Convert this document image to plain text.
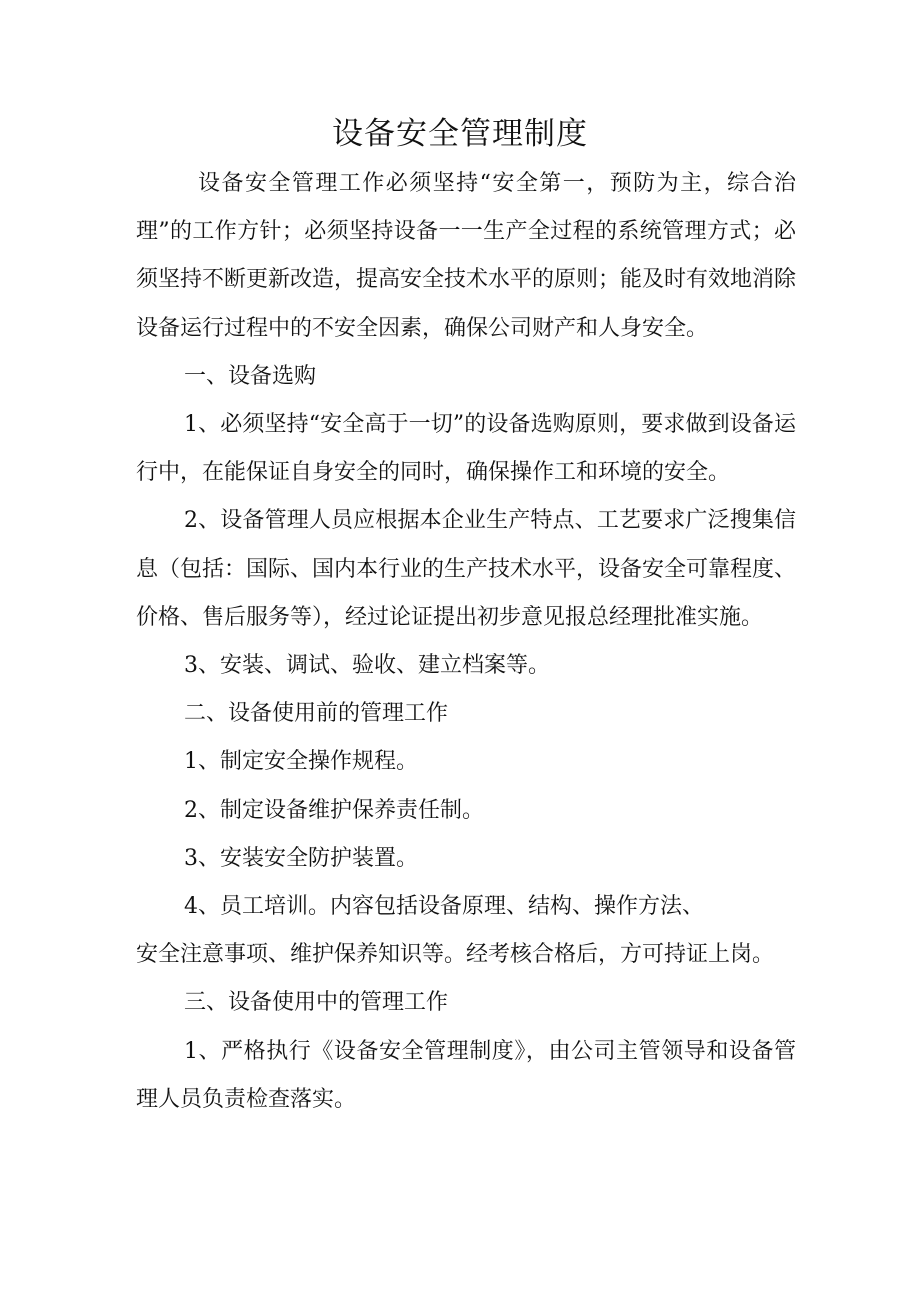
设备安全管理制度

设备安全管理工作必须坚持“安全第一，预防为主，综合治理”的工作方针；必须坚持设备一一生产全过程的系统管理方式；必须坚持不断更新改造，提高安全技术水平的原则；能及时有效地消除设备运行过程中的不安全因素，确保公司财产和人身安全。

一、设备选购

1、必须坚持“安全高于一切”的设备选购原则，要求做到设备运行中，在能保证自身安全的同时，确保操作工和环境的安全。

2、设备管理人员应根据本企业生产特点、工艺要求广泛搜集信息（包括：国际、国内本行业的生产技术水平，设备安全可靠程度、价格、售后服务等），经过论证提出初步意见报总经理批准实施。

3、安装、调试、验收、建立档案等。

二、设备使用前的管理工作

1、制定安全操作规程。

2、制定设备维护保养责任制。

3、安装安全防护装置。

4、员工培训。内容包括设备原理、结构、操作方法、

安全注意事项、维护保养知识等。经考核合格后，方可持证上岗。

三、设备使用中的管理工作

1、严格执行《设备安全管理制度》，由公司主管领导和设备管理人员负责检查落实。
